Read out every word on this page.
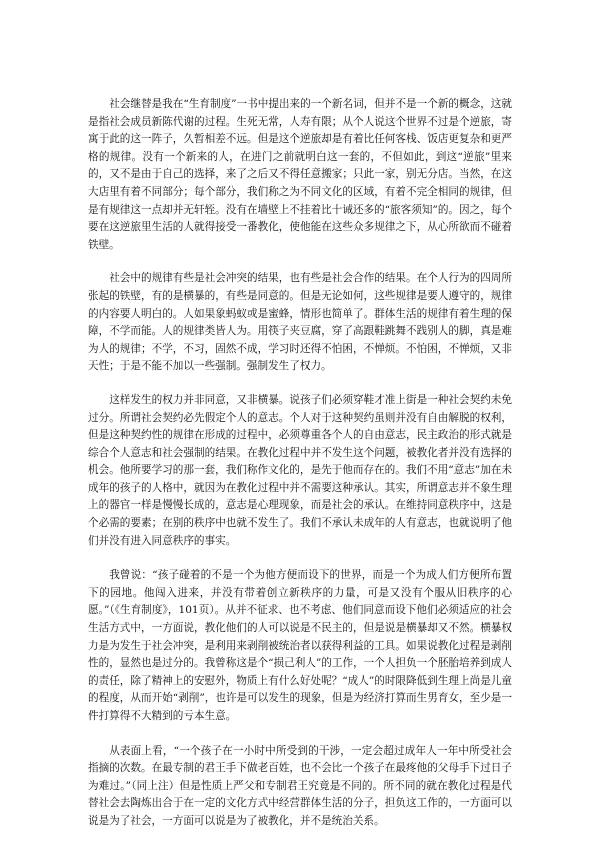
社会继替是我在“生育制度”一书中提出来的一个新名词，但并不是一个新的概念，这就是指社会成员新陈代谢的过程。生死无常，人寿有限；从个人说这个世界不过是个逆旅，寄寓于此的这一阵子，久暂相差不远。但是这个逆旅却是有着比任何客栈、饭店更复杂和更严格的规律。没有一个新来的人，在进门之前就明白这一套的，不但如此，到这“逆旅”里来的，又不是由于自己的选择，来了之后又不得任意搬家；只此一家，别无分店。当然，在这大店里有着不同部分；每个部分，我们称之为不同文化的区域，有着不完全相同的规律，但是有规律这一点却并无轩轾。没有在墙壁上不挂着比十诫还多的“旅客须知”的。因之，每个要在这逆旅里生活的人就得接受一番教化，使他能在这些众多规律之下，从心所欲而不碰着铁壁。

社会中的规律有些是社会冲突的结果，也有些是社会合作的结果。在个人行为的四周所张起的铁壁，有的是横暴的，有些是同意的。但是无论如何，这些规律是要人遵守的，规律的内容要人明白的。人如果象蚂蚁或是蜜蜂，情形也简单了。群体生活的规律有着生理的保障，不学而能。人的规律类皆人为。用筷子夹豆腐，穿了高跟鞋跳舞不践别人的脚，真是难为人的规律；不学，不习，固然不成，学习时还得不怕困，不惮烦。不怕困，不惮烦，又非天性；于是不能不加以一些强制。强制发生了权力。

这样发生的权力并非同意，又非横暴。说孩子们必须穿鞋才准上街是一种社会契约未免过分。所谓社会契约必先假定个人的意志。个人对于这种契约虽则并没有自由解脱的权利，但是这种契约性的规律在形成的过程中，必须尊重各个人的自由意志，民主政治的形式就是综合个人意志和社会强制的结果。在教化过程中并不发生这个问题，被教化者并没有选择的机会。他所要学习的那一套，我们称作文化的，是先于他而存在的。我们不用“意志”加在未成年的孩子的人格中，就因为在教化过程中并不需要这种承认。其实，所谓意志并不象生理上的器官一样是慢慢长成的，意志是心理现象，而是社会的承认。在维持同意秩序中，这是个必需的要素；在别的秩序中也就不发生了。我们不承认未成年的人有意志，也就说明了他们并没有进入同意秩序的事实。

我曾说：“孩子碰着的不是一个为他方便而设下的世界，而是一个为成人们方便所布置下的园地。他闯入进来，并没有带着创立新秩序的力量，可是又没有个服从旧秩序的心愿。”（《生育制度》，101页）。从并不征求、也不考虑、他们同意而设下他们必须适应的社会生活方式中，一方面说，教化他们的人可以说是不民主的，但是说是横暴却又不然。横暴权力是为发生于社会冲突，是利用来剥削被统治者以获得利益的工具。如果说教化过程是剥削性的，显然也是过分的。我曾称这是个“损己利人”的工作，一个人担负一个胚胎培养到成人的责任，除了精神上的安慰外，物质上有什么好处呢？“成人”的时限降低到生理上尚是儿童的程度，从而开始“剥削”，也许是可以发生的现象，但是为经济打算而生男育女，至少是一件打算得不大精到的亏本生意。

从表面上看，“一个孩子在一小时中所受到的干涉，一定会超过成年人一年中所受社会指摘的次数。在最专制的君王手下做老百姓，也不会比一个孩子在最疼他的父母手下过日子为难过。”（同上注）但是性质上严父和专制君王究竟是不同的。所不同的就在教化过程是代替社会去陶炼出合于在一定的文化方式中经营群体生活的分子，担负这工作的，一方面可以说是为了社会，一方面可以说是为了被教化，并不是统治关系。
